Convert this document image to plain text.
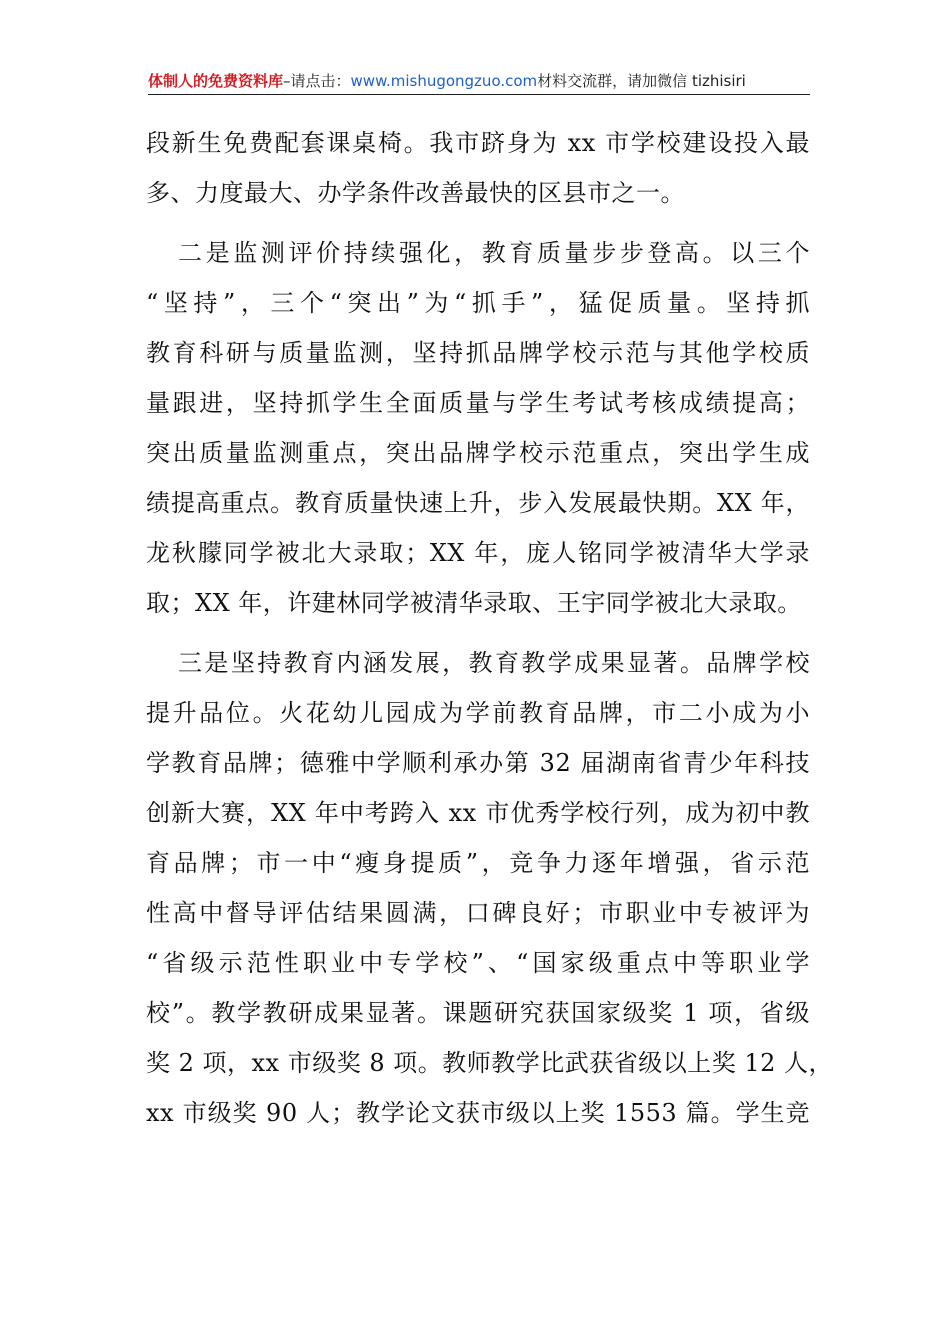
体制人的免费资料库–请点击：www.mishugongzuo.com材料交流群，请加微信 tizhisiri
段新生免费配套课桌椅。我市跻身为 xx 市学校建设投入最
多、力度最大、办学条件改善最快的区县市之一。
二是监测评价持续强化，教育质量步步登高。以三个
“坚持”，三个“突出”为“抓手”，猛促质量。坚持抓
教育科研与质量监测，坚持抓品牌学校示范与其他学校质
量跟进，坚持抓学生全面质量与学生考试考核成绩提高；
突出质量监测重点，突出品牌学校示范重点，突出学生成
绩提高重点。教育质量快速上升，步入发展最快期。XX 年，
龙秋朦同学被北大录取；XX 年，庞人铭同学被清华大学录
取；XX 年，许建林同学被清华录取、王宇同学被北大录取。
三是坚持教育内涵发展，教育教学成果显著。品牌学校
提升品位。火花幼儿园成为学前教育品牌，市二小成为小
学教育品牌；德雅中学顺利承办第 32 届湖南省青少年科技
创新大赛，XX 年中考跨入 xx 市优秀学校行列，成为初中教
育品牌；市一中“瘦身提质”，竞争力逐年增强，省示范
性高中督导评估结果圆满，口碑良好；市职业中专被评为
“省级示范性职业中专学校”、“国家级重点中等职业学
校”。教学教研成果显著。课题研究获国家级奖 1 项，省级
奖 2 项，xx 市级奖 8 项。教师教学比武获省级以上奖 12 人，
xx 市级奖 90 人；教学论文获市级以上奖 1553 篇。学生竞
